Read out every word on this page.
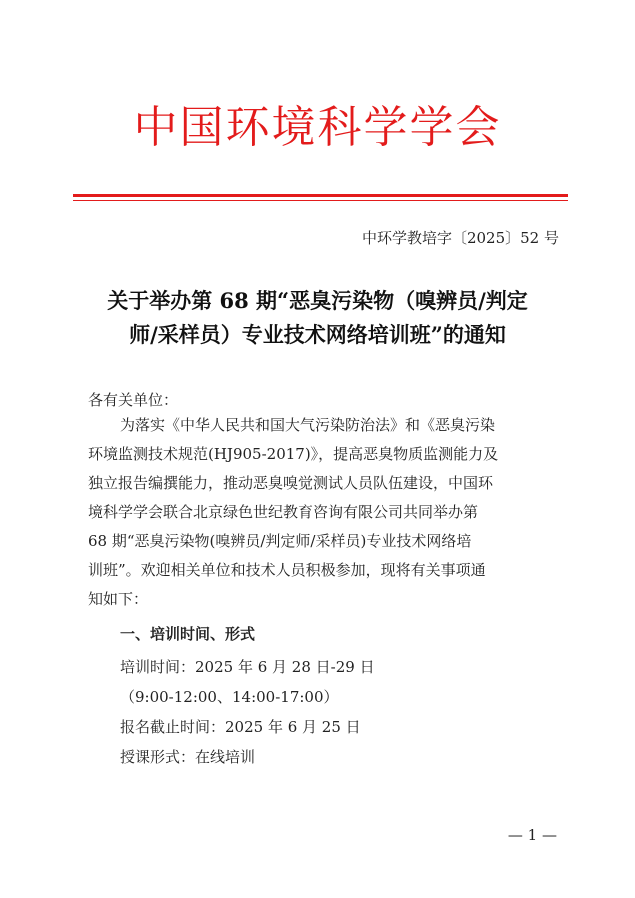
中国环境科学学会
中环学教培字〔2025〕52 号
关于举办第 68 期“恶臭污染物（嗅辨员/判定
师/采样员）专业技术网络培训班”的通知
各有关单位：
为落实《中华人民共和国大气污染防治法》和《恶臭污染
环境监测技术规范(HJ905-2017)》，提高恶臭物质监测能力及
独立报告编撰能力，推动恶臭嗅觉测试人员队伍建设，中国环
境科学学会联合北京绿色世纪教育咨询有限公司共同举办第
68 期“恶臭污染物(嗅辨员/判定师/采样员)专业技术网络培
训班”。欢迎相关单位和技术人员积极参加，现将有关事项通
知如下：
一、培训时间、形式
培训时间：2025 年 6 月 28 日-29 日
（9:00-12:00、14:00-17:00）
报名截止时间：2025 年 6 月 25 日
授课形式：在线培训
— 1 —
